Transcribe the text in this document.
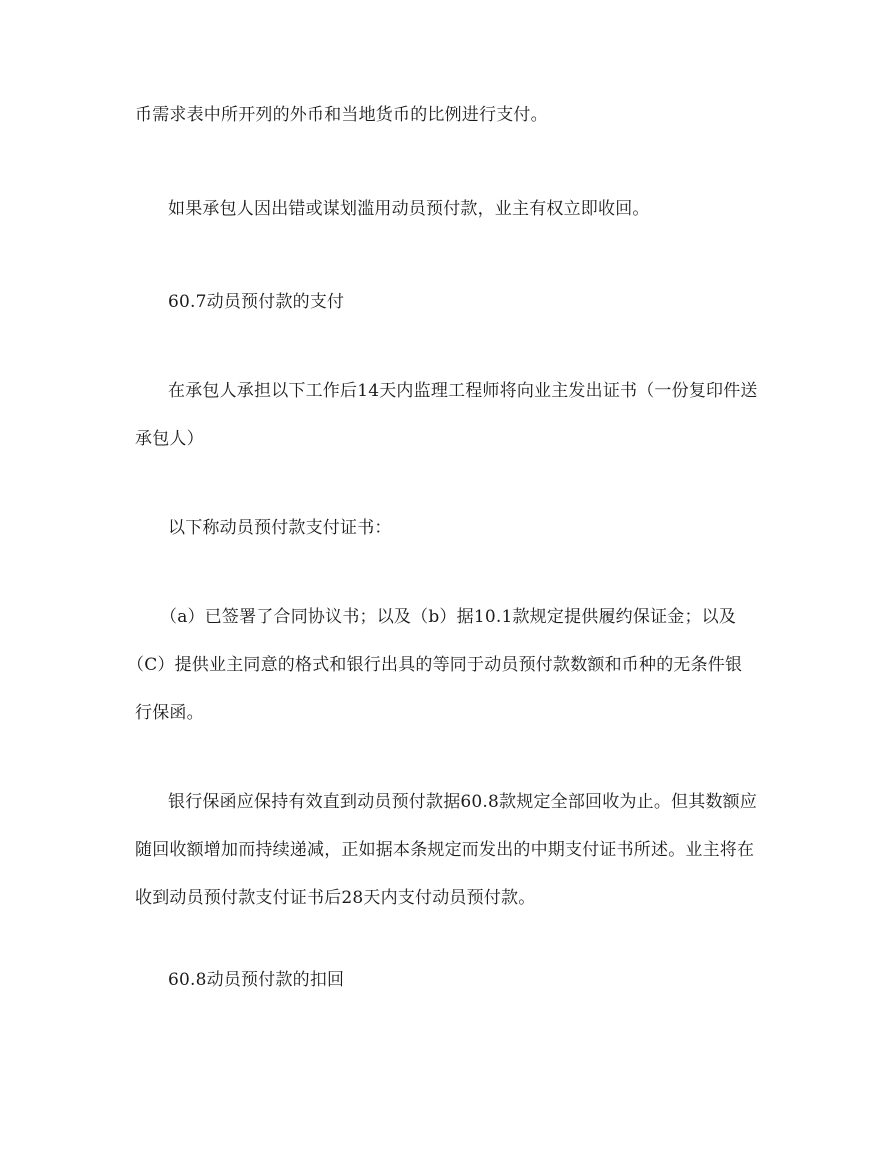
币需求表中所开列的外币和当地货币的比例进行支付。
如果承包人因出错或谋划滥用动员预付款，业主有权立即收回。
60.7动员预付款的支付
在承包人承担以下工作后14天内监理工程师将向业主发出证书（一份复印件送
承包人）
以下称动员预付款支付证书：
（a）已签署了合同协议书；以及（b）据10.1款规定提供履约保证金；以及
（C）提供业主同意的格式和银行出具的等同于动员预付款数额和币种的无条件银
行保函。
银行保函应保持有效直到动员预付款据60.8款规定全部回收为止。但其数额应
随回收额增加而持续递减，正如据本条规定而发出的中期支付证书所述。业主将在
收到动员预付款支付证书后28天内支付动员预付款。
60.8动员预付款的扣回
